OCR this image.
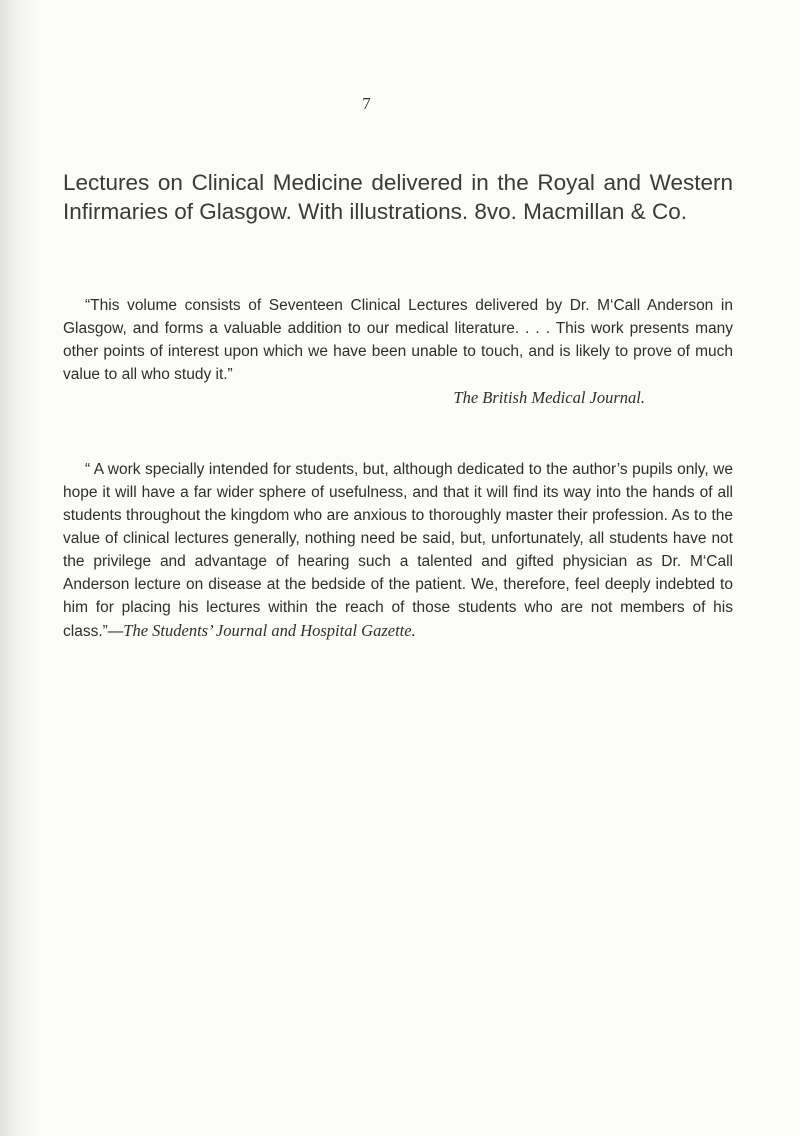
7
Lectures on Clinical Medicine delivered in the Royal and Western Infirmaries of Glasgow. With illustrations. 8vo. Macmillan & Co.

“This volume consists of Seventeen Clinical Lectures delivered by Dr. M‘Call Anderson in Glasgow, and forms a valuable addition to our medical literature. . . . This work presents many other points of interest upon which we have been unable to touch, and is likely to prove of much value to all who study it.”
The British Medical Journal.

“ A work specially intended for students, but, although dedicated to the author’s pupils only, we hope it will have a far wider sphere of usefulness, and that it will find its way into the hands of all students throughout the kingdom who are anxious to thoroughly master their profession. As to the value of clinical lectures generally, nothing need be said, but, unfortunately, all students have not the privilege and advantage of hearing such a talented and gifted physician as Dr. M‘Call Anderson lecture on disease at the bedside of the patient. We, therefore, feel deeply indebted to him for placing his lectures within the reach of those students who are not members of his class.”—The Students’ Journal and Hospital Gazette.
